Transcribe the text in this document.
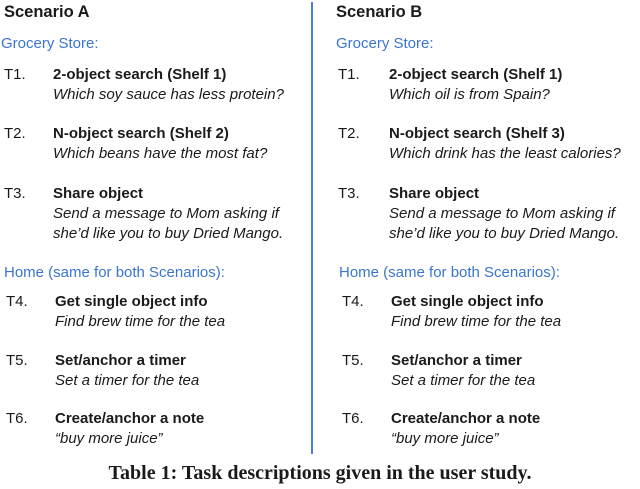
Scenario A
Grocery Store:
T1. 2-object search (Shelf 1)
Which soy sauce has less protein?
T2. N-object search (Shelf 2)
Which beans have the most fat?
T3. Share object
Send a message to Mom asking if
she’d like you to buy Dried Mango.
Home (same for both Scenarios):
T4. Get single object info
Find brew time for the tea
T5. Set/anchor a timer
Set a timer for the tea
T6. Create/anchor a note
“buy more juice”
Scenario B
Grocery Store:
T1. 2-object search (Shelf 1)
Which oil is from Spain?
T2. N-object search (Shelf 3)
Which drink has the least calories?
T3. Share object
Send a message to Mom asking if
she’d like you to buy Dried Mango.
Home (same for both Scenarios):
T4. Get single object info
Find brew time for the tea
T5. Set/anchor a timer
Set a timer for the tea
T6. Create/anchor a note
“buy more juice”
Table 1: Task descriptions given in the user study.
